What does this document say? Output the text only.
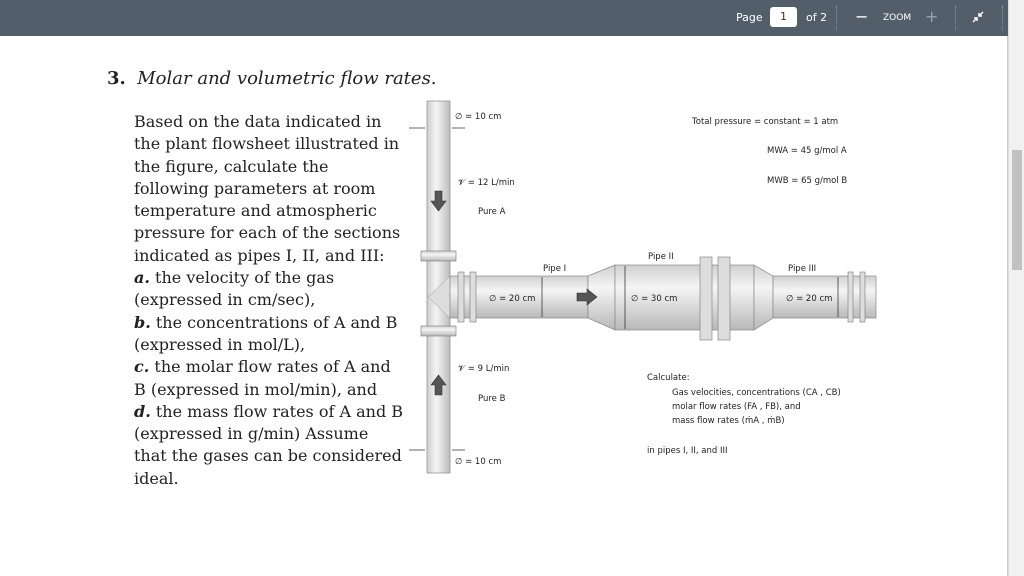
Page	1	of 2 − ZOOM +
3. Molar and volumetric flow rates.
Based on the data indicated in the plant flowsheet illustrated in the figure, calculate the following parameters at room temperature and atmospheric pressure for each of the sections indicated as pipes I, II, and III:
a. the velocity of the gas (expressed in cm/sec),
b. the concentrations of A and B (expressed in mol/L),
c. the molar flow rates of A and B (expressed in mol/min), and
d. the mass flow rates of A and B (expressed in g/min) Assume that the gases can be considered ideal.
∅ = 10 cm
𝓥 = 12 L/min
Pure A
Pipe I
Pipe II
Pipe III
∅ = 20 cm	∅ = 30 cm	∅ = 20 cm
𝓥 = 9 L/min
Pure B
∅ = 10 cm
Total pressure = constant = 1 atm
MWA = 45 g/mol A
MWB = 65 g/mol B
Calculate:
Gas velocities, concentrations (CA , CB)
molar flow rates (FA , FB), and
mass flow rates (ṁA , ṁB)
in pipes I, II, and III
